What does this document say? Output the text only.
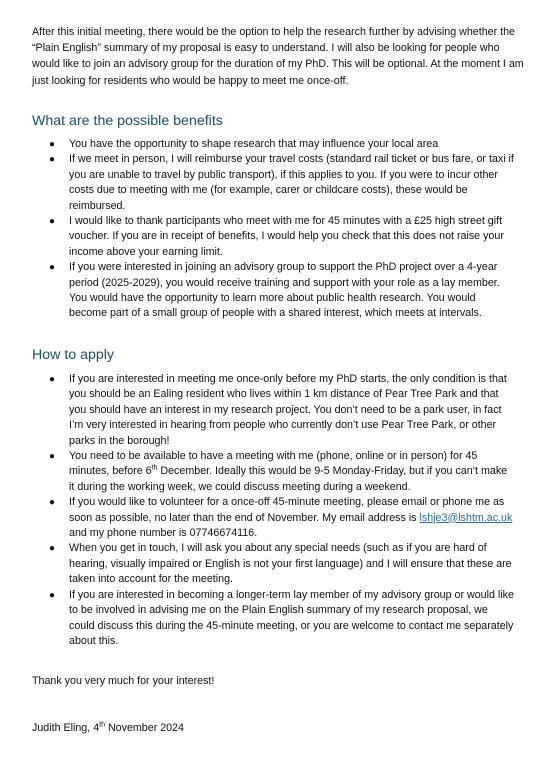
After this initial meeting, there would be the option to help the research further by advising whether the “Plain English” summary of my proposal is easy to understand. I will also be looking for people who would like to join an advisory group for the duration of my PhD. This will be optional. At the moment I am just looking for residents who would be happy to meet me once-off.

What are the possible benefits
● You have the opportunity to shape research that may influence your local area
● If we meet in person, I will reimburse your travel costs (standard rail ticket or bus fare, or taxi if you are unable to travel by public transport), if this applies to you. If you were to incur other costs due to meeting with me (for example, carer or childcare costs), these would be reimbursed.
● I would like to thank participants who meet with me for 45 minutes with a £25 high street gift voucher. If you are in receipt of benefits, I would help you check that this does not raise your income above your earning limit.
● If you were interested in joining an advisory group to support the PhD project over a 4-year period (2025-2029), you would receive training and support with your role as a lay member. You would have the opportunity to learn more about public health research. You would become part of a small group of people with a shared interest, which meets at intervals.
How to apply
● If you are interested in meeting me once-only before my PhD starts, the only condition is that you should be an Ealing resident who lives within 1 km distance of Pear Tree Park and that you should have an interest in my research project. You don’t need to be a park user, in fact I’m very interested in hearing from people who currently don’t use Pear Tree Park, or other parks in the borough!
● You need to be available to have a meeting with me (phone, online or in person) for 45 minutes, before 6th December. Ideally this would be 9-5 Monday-Friday, but if you can’t make it during the working week, we could discuss meeting during a weekend.
● If you would like to volunteer for a once-off 45-minute meeting, please email or phone me as soon as possible, no later than the end of November. My email address is lshje3@lshtm.ac.uk and my phone number is 07746674116.
● When you get in touch, I will ask you about any special needs (such as if you are hard of hearing, visually impaired or English is not your first language) and I will ensure that these are taken into account for the meeting.
● If you are interested in becoming a longer-term lay member of my advisory group or would like to be involved in advising me on the Plain English summary of my research proposal, we could discuss this during the 45-minute meeting, or you are welcome to contact me separately about this.

Thank you very much for your interest!

Judith Eling, 4th November 2024
